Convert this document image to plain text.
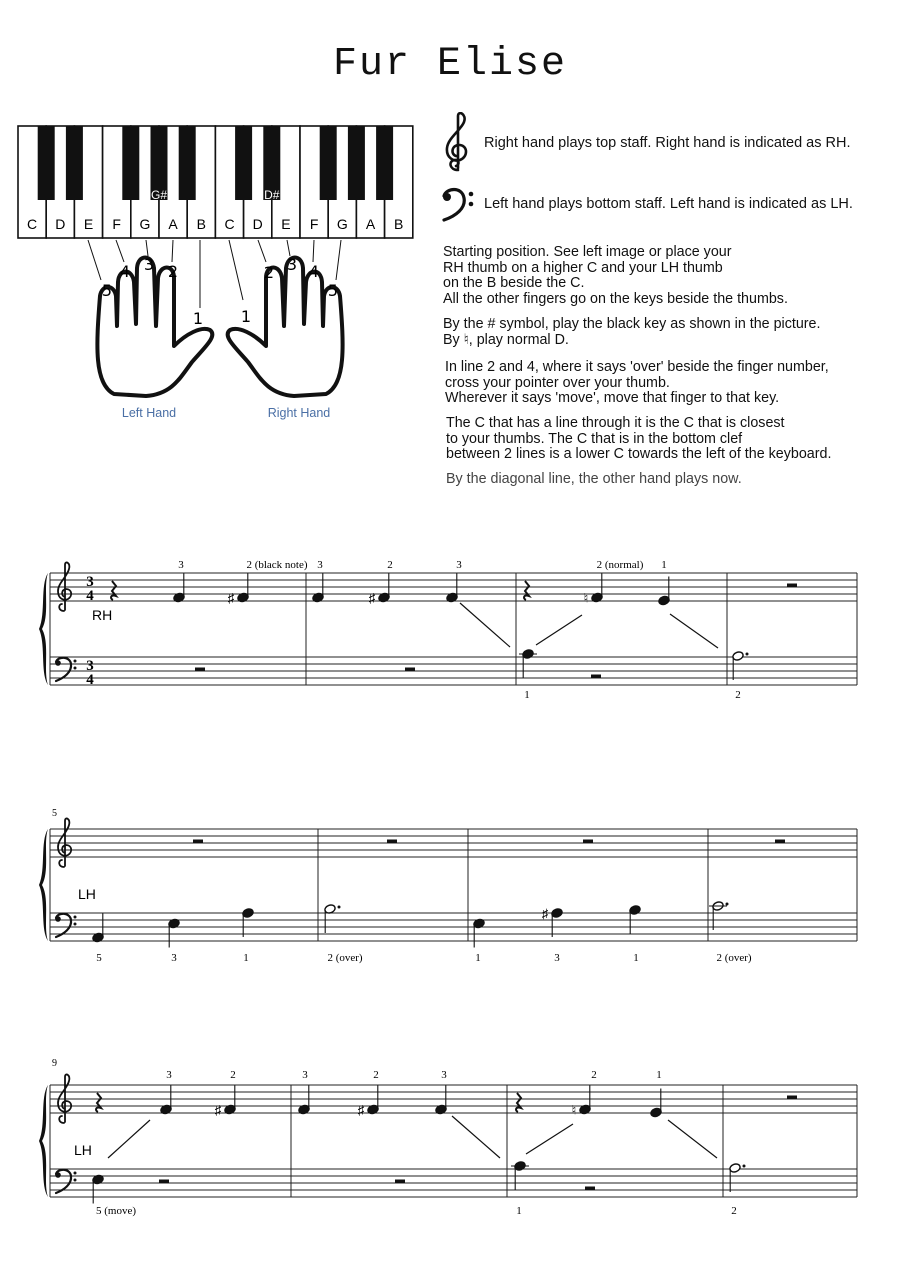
Fur Elise
C D E F G A B C D E F G A B
G#	D#
5
4 3 2
1 1
2 3 4
5
Left Hand	Right Hand
Right hand plays top staff. Right hand is indicated as RH.
Left hand plays bottom staff. Left hand is indicated as LH.
Starting position. See left image or place your
RH thumb on a higher C and your LH thumb
on the B beside the C.
All the other fingers go on the keys beside the thumbs.
By the # symbol, play the black key as shown in the picture.
By ♮, play normal D.
In line 2 and 4, where it says 'over' beside the finger number,
cross your pointer over your thumb.
Wherever it says 'move', move that finger to that key.
The C that has a line through it is the C that is closest
to your thumbs. The C that is in the bottom clef
between 2 lines is a lower C towards the left of the keyboard.
By the diagonal line, the other hand plays now.
3
4
3
4
RH
♯	♯	♮
3	2 (black note) 3	2	3	2 (normal) 1
1	2
5
LH
♯
5	3	1	2 (over)	1	3	1	2 (over)
9
LH
♯	♯	♮
3	2	3	2	3	2	1
5 (move)	1	2
